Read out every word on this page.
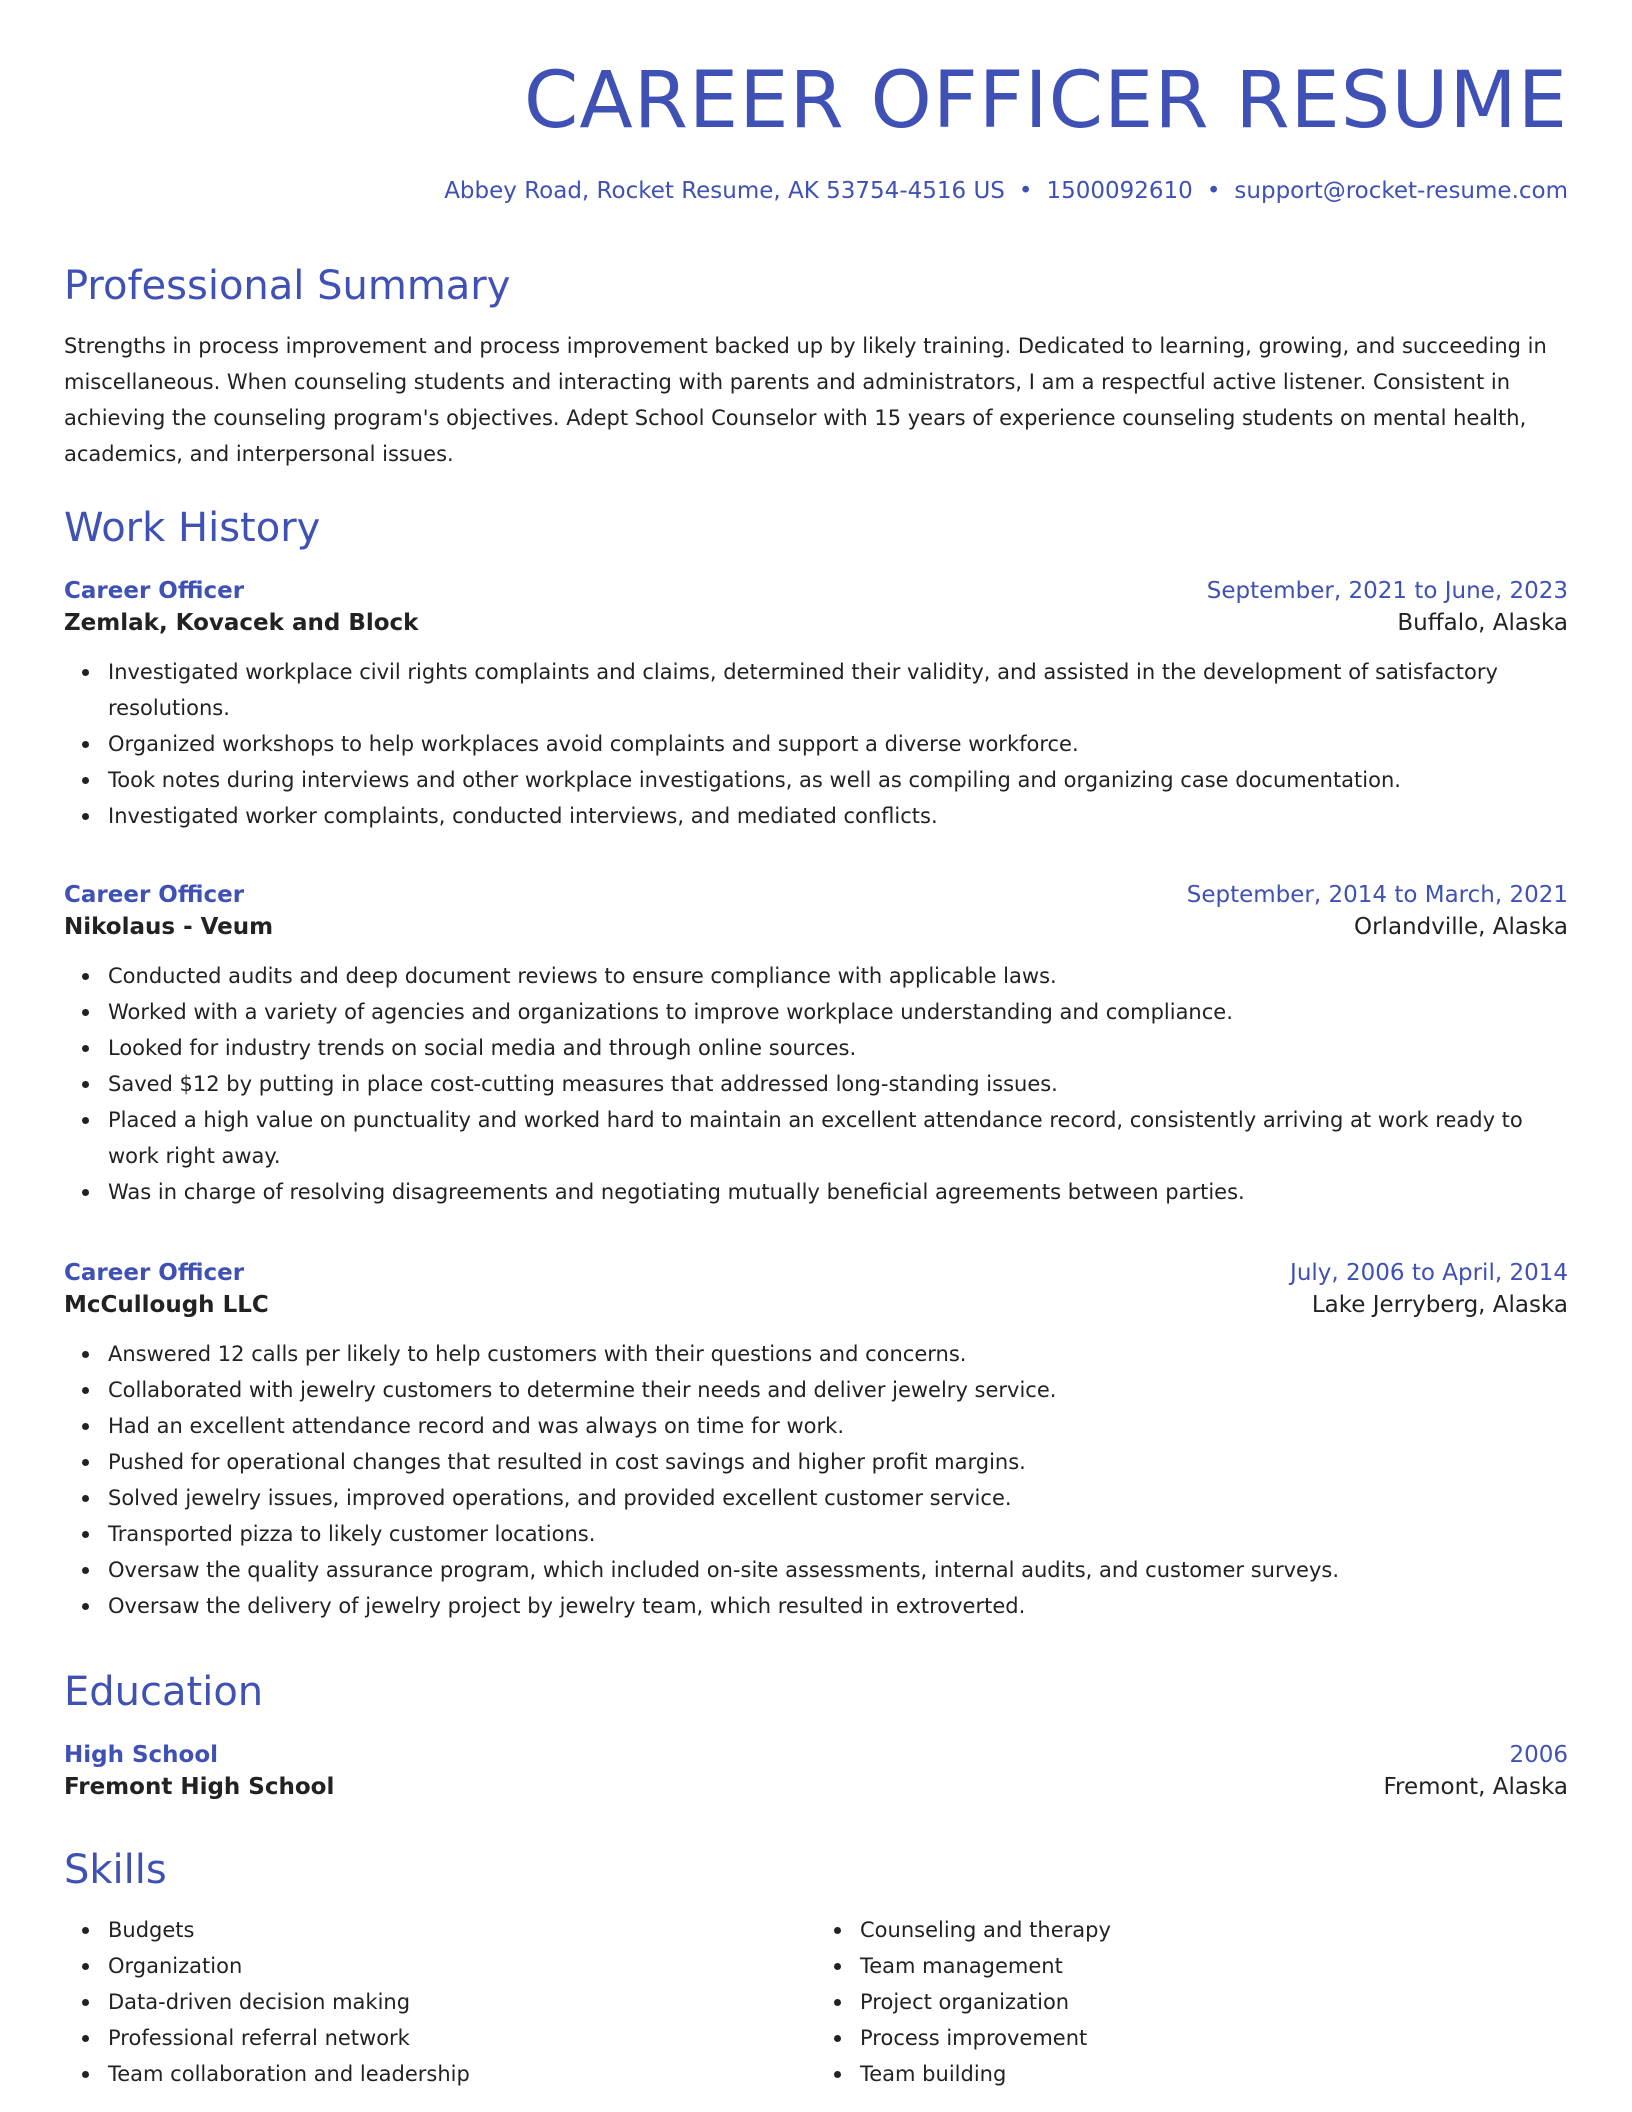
CAREER OFFICER RESUME
Abbey Road, Rocket Resume, AK 53754-4516 US • 1500092610 • support@rocket-resume.com
Professional Summary

Strengths in process improvement and process improvement backed up by likely training. Dedicated to learning, growing, and succeeding in miscellaneous. When counseling students and interacting with parents and administrators, I am a respectful active listener. Consistent in achieving the counseling program's objectives. Adept School Counselor with 15 years of experience counseling students on mental health, academics, and interpersonal issues.

Work History
Career Officer	September, 2021 to June, 2023
Zemlak, Kovacek and Block	Buffalo, Alaska
Investigated workplace civil rights complaints and claims, determined their validity, and assisted in the development of satisfactory resolutions.
Organized workshops to help workplaces avoid complaints and support a diverse workforce.
Took notes during interviews and other workplace investigations, as well as compiling and organizing case documentation.
Investigated worker complaints, conducted interviews, and mediated conflicts.
Career Officer	September, 2014 to March, 2021
Nikolaus - Veum	Orlandville, Alaska
Conducted audits and deep document reviews to ensure compliance with applicable laws.
Worked with a variety of agencies and organizations to improve workplace understanding and compliance.
Looked for industry trends on social media and through online sources.
Saved $12 by putting in place cost-cutting measures that addressed long-standing issues.
Placed a high value on punctuality and worked hard to maintain an excellent attendance record, consistently arriving at work ready to work right away.
Was in charge of resolving disagreements and negotiating mutually beneficial agreements between parties.
Career Officer	July, 2006 to April, 2014
McCullough LLC	Lake Jerryberg, Alaska
Answered 12 calls per likely to help customers with their questions and concerns.
Collaborated with jewelry customers to determine their needs and deliver jewelry service.
Had an excellent attendance record and was always on time for work.
Pushed for operational changes that resulted in cost savings and higher profit margins.
Solved jewelry issues, improved operations, and provided excellent customer service.
Transported pizza to likely customer locations.
Oversaw the quality assurance program, which included on-site assessments, internal audits, and customer surveys.
Oversaw the delivery of jewelry project by jewelry team, which resulted in extroverted.
Education
High School	2006
Fremont High School	Fremont, Alaska
Skills
Budgets
Organization
Data-driven decision making
Professional referral network
Team collaboration and leadership
Counseling and therapy
Team management
Project organization
Process improvement
Team building
